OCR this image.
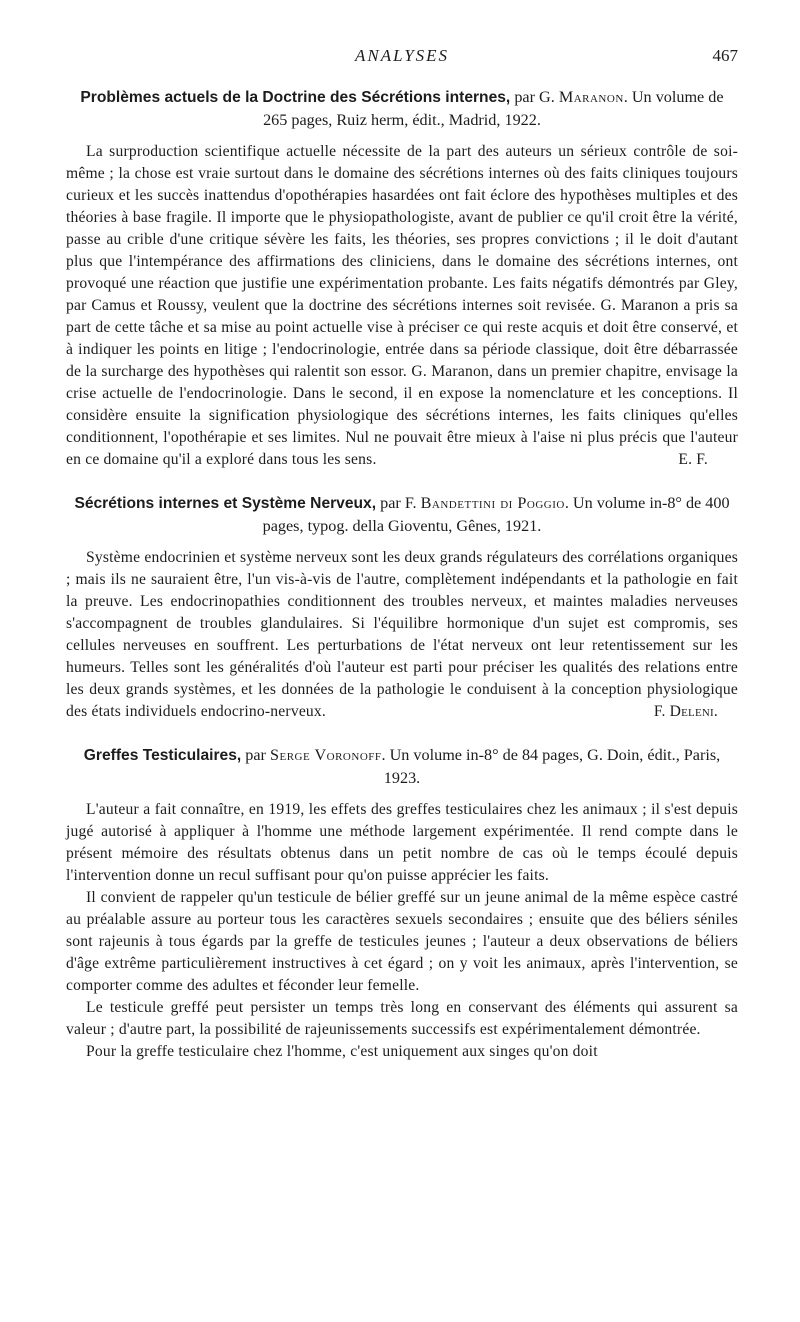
ANALYSES	467
Problèmes actuels de la Doctrine des Sécrétions internes, par G. Maranon. Un volume de 265 pages, Ruiz herm, édit., Madrid, 1922.

La surproduction scientifique actuelle nécessite de la part des auteurs un sérieux contrôle de soi-même ; la chose est vraie surtout dans le domaine des sécrétions internes où des faits cliniques toujours curieux et les succès inattendus d'opothérapies hasardées ont fait éclore des hypothèses multiples et des théories à base fragile. Il importe que le physiopathologiste, avant de publier ce qu'il croit être la vérité, passe au crible d'une critique sévère les faits, les théories, ses propres convictions ; il le doit d'autant plus que l'intempérance des affirmations des cliniciens, dans le domaine des sécrétions internes, ont provoqué une réaction que justifie une expérimentation probante. Les faits négatifs démontrés par Gley, par Camus et Roussy, veulent que la doctrine des sécrétions internes soit revisée. G. Maranon a pris sa part de cette tâche et sa mise au point actuelle vise à préciser ce qui reste acquis et doit être conservé, et à indiquer les points en litige ; l'endocrinologie, entrée dans sa période classique, doit être débarrassée de la surcharge des hypothèses qui ralentit son essor. G. Maranon, dans un premier chapitre, envisage la crise actuelle de l'endocrinologie. Dans le second, il en expose la nomenclature et les conceptions. Il considère ensuite la signification physiologique des sécrétions internes, les faits cliniques qu'elles conditionnent, l'opothérapie et ses limites. Nul ne pouvait être mieux à l'aise ni plus précis que l'auteur en ce domaine qu'il a exploré dans tous les sens.	E. F.

Sécrétions internes et Système Nerveux, par F. Bandettini di Poggio. Un volume in-8° de 400 pages, typog. della Gioventu, Gênes, 1921.

Système endocrinien et système nerveux sont les deux grands régulateurs des corrélations organiques ; mais ils ne sauraient être, l'un vis-à-vis de l'autre, complètement indépendants et la pathologie en fait la preuve. Les endocrinopathies conditionnent des troubles nerveux, et maintes maladies nerveuses s'accompagnent de troubles glandulaires. Si l'équilibre hormonique d'un sujet est compromis, ses cellules nerveuses en souffrent. Les perturbations de l'état nerveux ont leur retentissement sur les humeurs. Telles sont les généralités d'où l'auteur est parti pour préciser les qualités des relations entre les deux grands systèmes, et les données de la pathologie le conduisent à la conception physiologique des états individuels endocrino-nerveux.	F. Deleni.

Greffes Testiculaires, par Serge Voronoff. Un volume in-8° de 84 pages, G. Doin, édit., Paris, 1923.

L'auteur a fait connaître, en 1919, les effets des greffes testiculaires chez les animaux ; il s'est depuis jugé autorisé à appliquer à l'homme une méthode largement expérimentée. Il rend compte dans le présent mémoire des résultats obtenus dans un petit nombre de cas où le temps écoulé depuis l'intervention donne un recul suffisant pour qu'on puisse apprécier les faits.

Il convient de rappeler qu'un testicule de bélier greffé sur un jeune animal de la même espèce castré au préalable assure au porteur tous les caractères sexuels secondaires ; ensuite que des béliers séniles sont rajeunis à tous égards par la greffe de testicules jeunes ; l'auteur a deux observations de béliers d'âge extrême particulièrement instructives à cet égard ; on y voit les animaux, après l'intervention, se comporter comme des adultes et féconder leur femelle.

Le testicule greffé peut persister un temps très long en conservant des éléments qui assurent sa valeur ; d'autre part, la possibilité de rajeunissements successifs est expérimentalement démontrée.

Pour la greffe testiculaire chez l'homme, c'est uniquement aux singes qu'on doit
